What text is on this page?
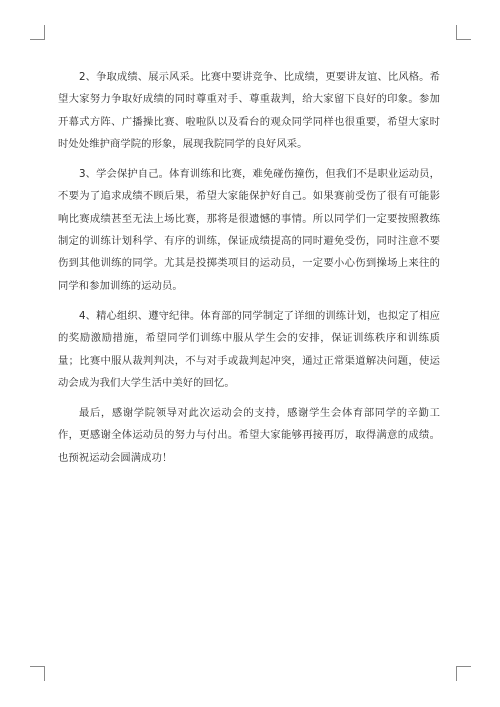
2、争取成绩、展示风采。比赛中要讲竞争、比成绩，更要讲友谊、比风格。希望大家努力争取好成绩的同时尊重对手、尊重裁判，给大家留下良好的印象。参加开幕式方阵、广播操比赛、啦啦队以及看台的观众同学同样也很重要，希望大家时时处处维护商学院的形象，展现我院同学的良好风采。

3、学会保护自己。体育训练和比赛，难免碰伤撞伤，但我们不是职业运动员，不要为了追求成绩不顾后果，希望大家能保护好自己。如果赛前受伤了很有可能影响比赛成绩甚至无法上场比赛，那将是很遗憾的事情。所以同学们一定要按照教练制定的训练计划科学、有序的训练，保证成绩提高的同时避免受伤，同时注意不要伤到其他训练的同学。尤其是投掷类项目的运动员，一定要小心伤到操场上来往的同学和参加训练的运动员。

4、精心组织、遵守纪律。体育部的同学制定了详细的训练计划，也拟定了相应的奖励激励措施，希望同学们训练中服从学生会的安排，保证训练秩序和训练质量；比赛中服从裁判判决，不与对手或裁判起冲突，通过正常渠道解决问题，使运动会成为我们大学生活中美好的回忆。

最后，感谢学院领导对此次运动会的支持，感谢学生会体育部同学的辛勤工作，更感谢全体运动员的努力与付出。希望大家能够再接再厉，取得满意的成绩。也预祝运动会圆满成功！
